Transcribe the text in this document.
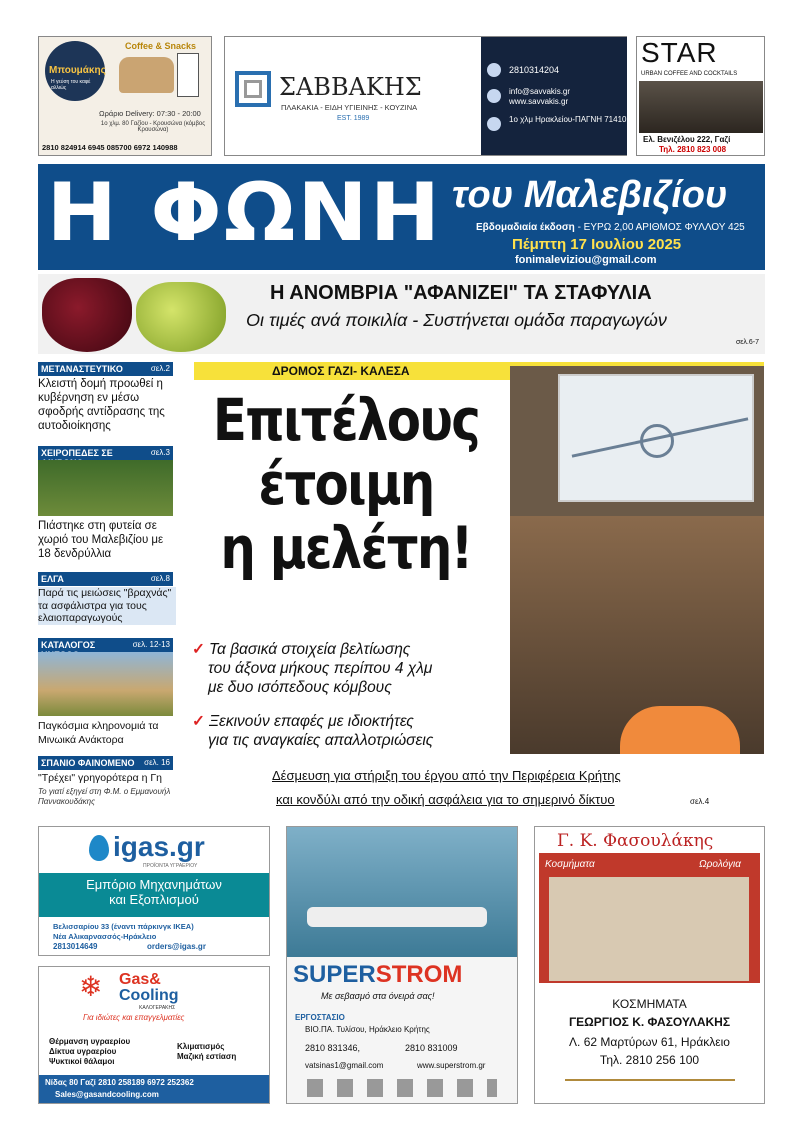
Μπουμάκης
Η γεύση του καφέ αλλιώς
Coffee & Snacks
Ωράριο Delivery: 07:30 - 20:00
1ο χλμ. 80 Γαζίου - Κρουσώνα (κόμβος Κρουσώνα)
2810 824914 6945 085700 6972 140988
ΣΑΒΒΑΚΗΣ
ΠΛΑΚΑΚΙΑ - ΕΙΔΗ ΥΓΙΕΙΝΗΣ - ΚΟΥΖΙΝΑ
EST. 1989
2810314204
info@savvakis.gr
www.savvakis.gr
1ο χλμ Ηρακλείου-ΠΑΓΝΗ 71410
STAR
URBAN COFFEE AND COCKTAILS
Ελ. Βενιζέλου 222, Γαζί
Τηλ. 2810 823 008
Η ΦΩΝΗ του Μαλεβιζίου
Εβδομαδιαία έκδοση - ΕΥΡΩ 2,00 ΑΡΙΘΜΟΣ ΦΥΛΛΟΥ 425
Πέμπτη 17 Ιουλίου 2025
fonimaleviziou@gmail.com
Η ΑΝΟΜΒΡΙΑ "ΑΦΑΝΙΖΕΙ" ΤΑ ΣΤΑΦΥΛΙΑ
Οι τιμές ανά ποικιλία - Συστήνεται ομάδα παραγωγών
σελ.6-7
σελ.2
ΜΕΤΑΝΑΣΤΕΥΤΙΚΟ
Κλειστή δομή προωθεί η κυβέρνηση εν μέσω σφοδρής αντίδρασης της αυτοδιοίκησης
σελ.3
ΧΕΙΡΟΠΕΔΕΣ ΣΕ
Πιάστηκε στη φυτεία σε χωριό του Μαλεβιζίου με 18 δενδρύλλια
σελ.8
ΕΛΓΑ
Παρά τις μειώσεις "βραχνάς" τα ασφάλιστρα για τους ελαιοπαραγωγούς
σελ. 12-13
ΚΑΤΑΛΟΓΟΣ
Παγκόσμια κληρονομιά τα Μινωικά Ανάκτορα
σελ. 16
ΣΠΑΝΙΟ ΦΑΙΝΟΜΕΝΟ
"Τρέχει" γρηγορότερα η Γη
Το γιατί εξηγεί στη Φ.Μ. ο Εμμανουήλ Παννακουδάκης
ΔΡΟΜΟΣ ΓΑΖΙ- ΚΑΛΕΣΑ
Επιτέλους
έτοιμη
η μελέτη!
✓ Τα βασικά στοιχεία βελτίωσης
του άξονα μήκους περίπου 4 χλμ
με δυο ισόπεδους κόμβους
✓ Ξεκινούν επαφές με ιδιοκτήτες
για τις αναγκαίες απαλλοτριώσεις
Δέσμευση για στήριξη του έργου από την Περιφέρεια Κρήτης
και κονδύλι από την οδική ασφάλεια για το σημερινό δίκτυο	σελ.4
igas.gr
ΠΡΟΪΟΝΤΑ ΥΓΡΑΕΡΙΟΥ
Εμπόριο Μηχανημάτων
και Εξοπλισμού
Βελισσαρίου 33 (έναντι πάρκινγκ ΙΚΕΑ)
Νέα Αλικαρνασσός-Ηράκλειο
2813014649	orders@igas.gr
❄ Gas&
Cooling
ΚΑΛΟΓΕΡΑΚΗΣ
Για ιδιώτες και επαγγελματίες
Θέρμανση υγραερίου
Δίκτυα υγραερίου
Ψυκτικοί θάλαμοι
Κλιματισμός
Μαζική εστίαση
Νίδας 80 Γαζί 2810 258189 6972 252362
Sales@gasandcooling.com
SUPERSTROM
Με σεβασμό στα όνειρά σας!
ΕΡΓΟΣΤΑΣΙΟ
ΒΙΟ.ΠΑ. Τυλίσου, Ηράκλειο Κρήτης
2810 831346,	2810 831009
vatsinas1@gmail.com	www.superstrom.gr
Γ. Κ. Φασουλάκης
Κοσμήματα	Ωρολόγια
ΚΟΣΜΗΜΑΤΑ
ΓΕΩΡΓΙΟΣ Κ. ΦΑΣΟΥΛΑΚΗΣ
Λ. 62 Μαρτύρων 61, Ηράκλειο
Τηλ. 2810 256 100
